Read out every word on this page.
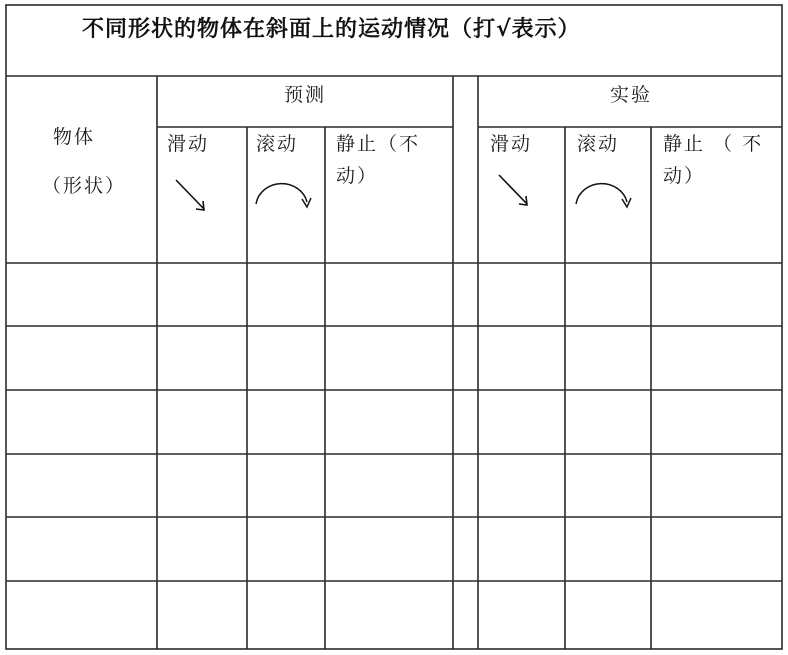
不同形状的物体在斜面上的运动情况（打√表示）
物体
（形状）
预测	实验
滑动 滚动 静止（不
动）
滑动 滚动 静止 （ 不
动）
